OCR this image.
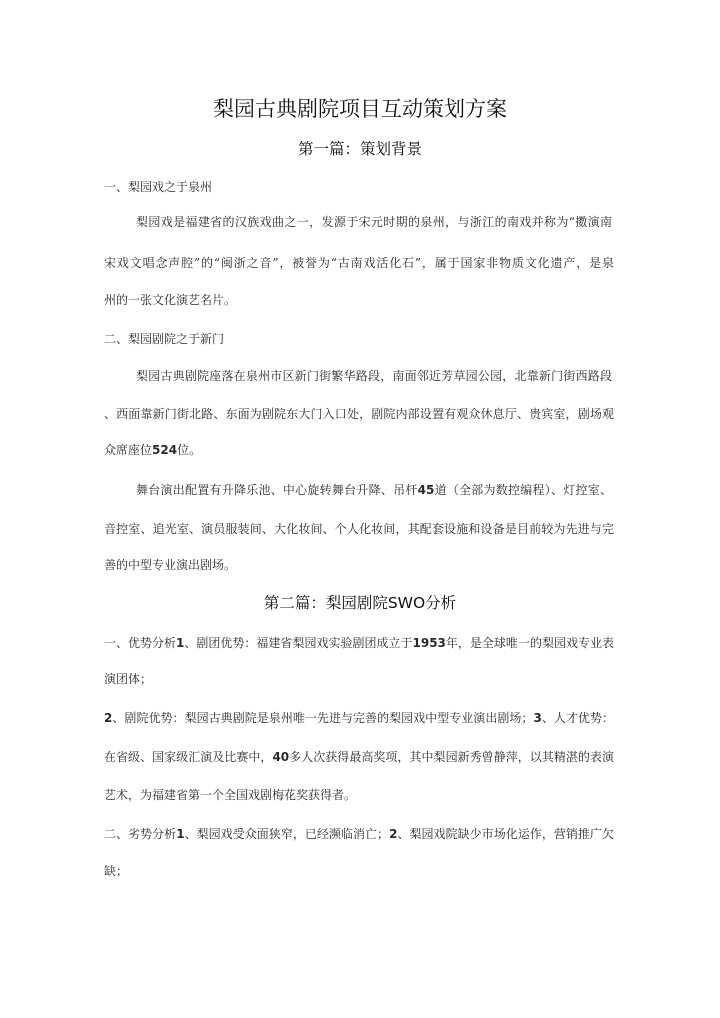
梨园古典剧院项目互动策划方案
第一篇：策划背景
一、梨园戏之于泉州
梨园戏是福建省的汉族戏曲之一，发源于宋元时期的泉州，与浙江的南戏并称为“擞演南
宋戏文唱念声腔”的“闽浙之音”，被誉为“古南戏活化石”，属于国家非物质文化遗产，是泉
州的一张文化演艺名片。
二、梨园剧院之于新门
梨园古典剧院座落在泉州市区新门街繁华路段，南面邻近芳草园公园，北靠新门街西路段
、西面靠新门街北路、东面为剧院东大门入口处，剧院内部设置有观众休息厅、贵宾室，剧场观
众席座位524位。
舞台演出配置有升降乐池、中心旋转舞台升降、吊杆45道（全部为数控编程）、灯控室、
音控室、追光室、演员服装间、大化妆间、个人化妆间，其配套设施和设备是目前较为先进与完
善的中型专业演出剧场。
第二篇：梨园剧院SWO分析
一、优势分析1、剧团优势：福建省梨园戏实验剧团成立于1953年，是全球唯一的梨园戏专业表
演团体；
2、剧院优势：梨园古典剧院是泉州唯一先进与完善的梨园戏中型专业演出剧场；3、人才优势：
在省级、国家级汇演及比赛中，40多人次获得最高奖项，其中梨园新秀曾静萍，以其精湛的表演
艺术，为福建省第一个全国戏剧梅花奖获得者。
二、劣势分析1、梨园戏受众面狭窄，已经濒临消亡；2、梨园戏院缺少市场化运作，营销推广欠
缺；
